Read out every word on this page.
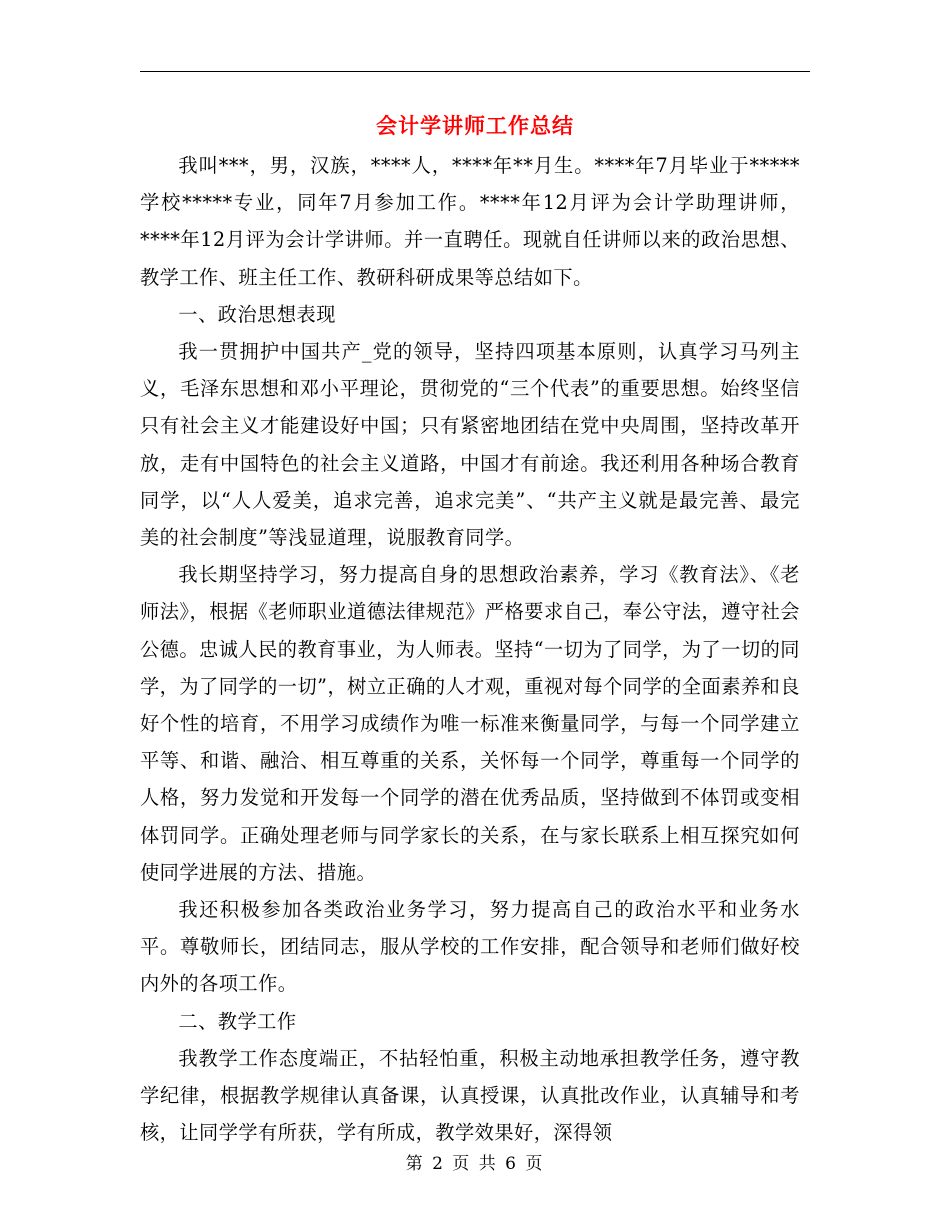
会计学讲师工作总结

我叫***，男，汉族，****人，****年**月生。****年7月毕业于*****学校*****专业，同年7月参加工作。****年12月评为会计学助理讲师，****年12月评为会计学讲师。并一直聘任。现就自任讲师以来的政治思想、教学工作、班主任工作、教研科研成果等总结如下。

一、政治思想表现

我一贯拥护中国共产_党的领导，坚持四项基本原则，认真学习马列主义，毛泽东思想和邓小平理论，贯彻党的“三个代表”的重要思想。始终坚信只有社会主义才能建设好中国；只有紧密地团结在党中央周围，坚持改革开放，走有中国特色的社会主义道路，中国才有前途。我还利用各种场合教育同学，以“人人爱美，追求完善，追求完美”、“共产主义就是最完善、最完美的社会制度”等浅显道理，说服教育同学。

我长期坚持学习，努力提高自身的思想政治素养，学习《教育法》、《老师法》，根据《老师职业道德法律规范》严格要求自己，奉公守法，遵守社会公德。忠诚人民的教育事业，为人师表。坚持“一切为了同学，为了一切的同学，为了同学的一切”，树立正确的人才观，重视对每个同学的全面素养和良好个性的培育，不用学习成绩作为唯一标准来衡量同学，与每一个同学建立平等、和谐、融洽、相互尊重的关系，关怀每一个同学，尊重每一个同学的人格，努力发觉和开发每一个同学的潜在优秀品质，坚持做到不体罚或变相体罚同学。正确处理老师与同学家长的关系，在与家长联系上相互探究如何使同学进展的方法、措施。

我还积极参加各类政治业务学习，努力提高自己的政治水平和业务水平。尊敬师长，团结同志，服从学校的工作安排，配合领导和老师们做好校内外的各项工作。

二、教学工作

我教学工作态度端正，不拈轻怕重，积极主动地承担教学任务，遵守教学纪律，根据教学规律认真备课，认真授课，认真批改作业，认真辅导和考核，让同学学有所获，学有所成，教学效果好，深得领

第 2 页 共 6 页
